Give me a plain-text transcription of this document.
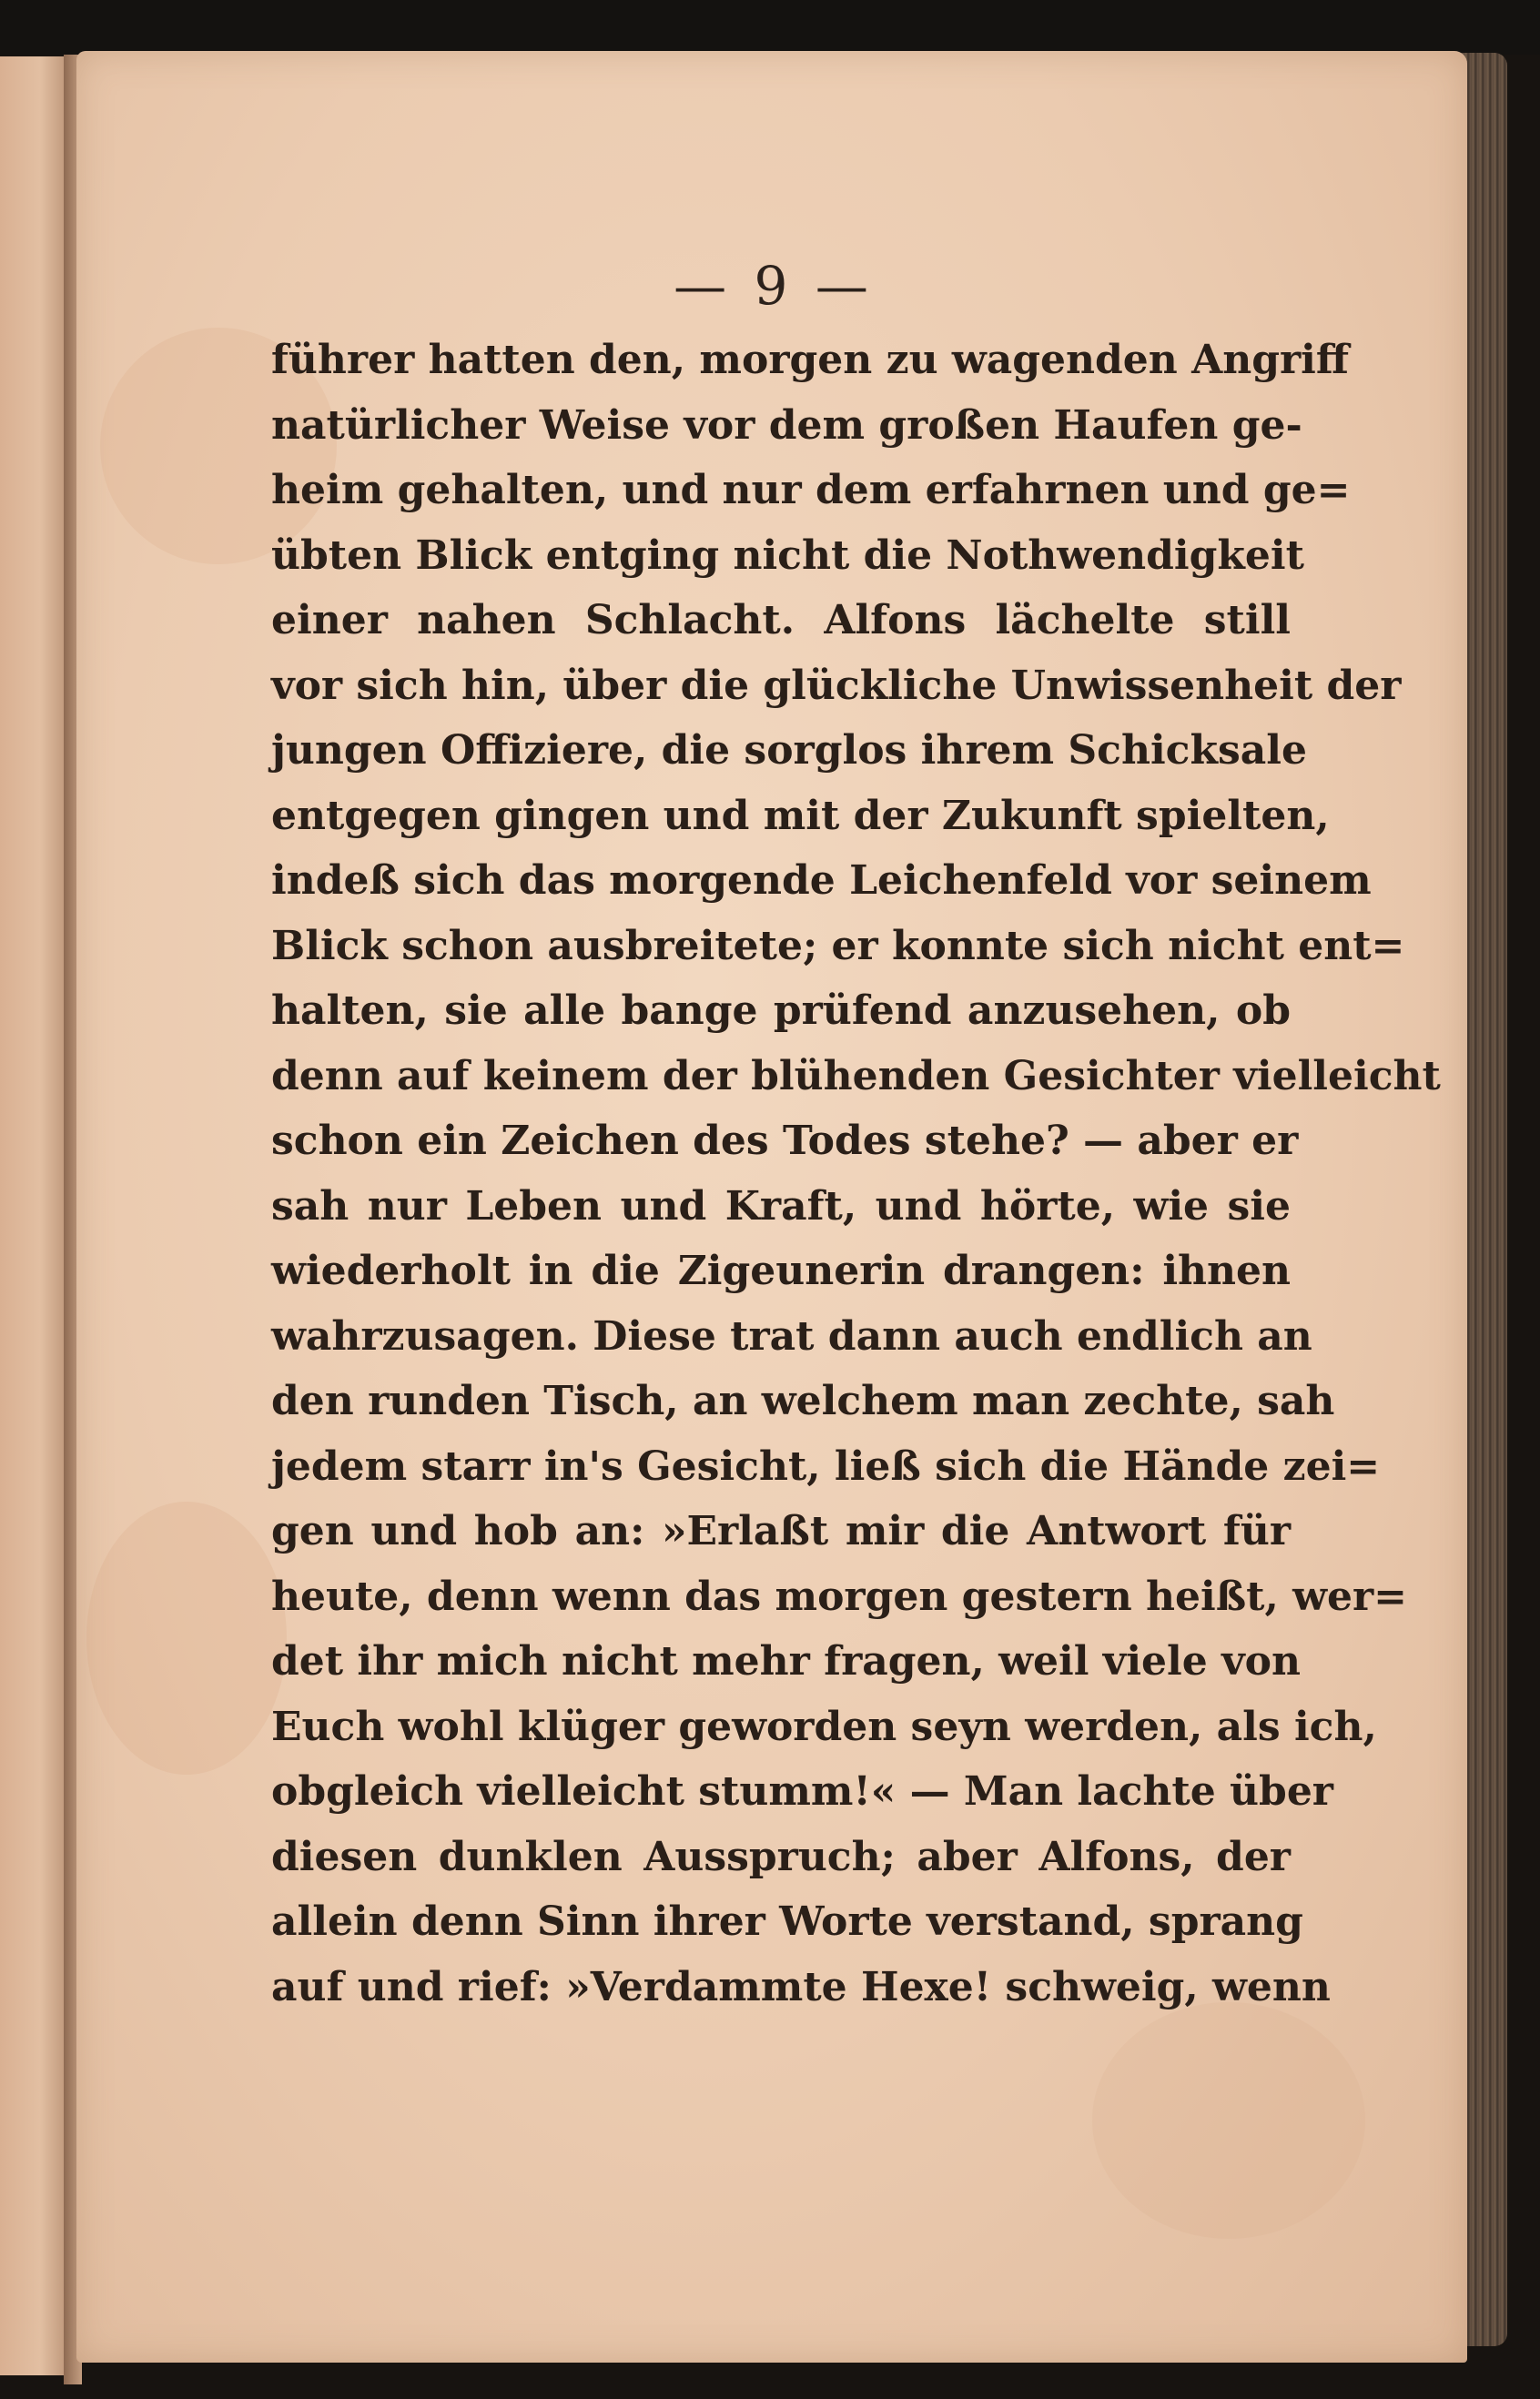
— 9 —
führer hatten den, morgen zu wagenden Angriff
natürlicher Weise vor dem großen Haufen ge-
heim gehalten, und nur dem erfahrnen und ge=
übten Blick entging nicht die Nothwendigkeit
einer nahen Schlacht. Alfons lächelte still
vor sich hin, über die glückliche Unwissenheit der
jungen Offiziere, die sorglos ihrem Schicksale
entgegen gingen und mit der Zukunft spielten,
indeß sich das morgende Leichenfeld vor seinem
Blick schon ausbreitete; er konnte sich nicht ent=
halten, sie alle bange prüfend anzusehen, ob
denn auf keinem der blühenden Gesichter vielleicht
schon ein Zeichen des Todes stehe? — aber er
sah nur Leben und Kraft, und hörte, wie sie
wiederholt in die Zigeunerin drangen: ihnen
wahrzusagen. Diese trat dann auch endlich an
den runden Tisch, an welchem man zechte, sah
jedem starr in's Gesicht, ließ sich die Hände zei=
gen und hob an: »Erlaßt mir die Antwort für
heute, denn wenn das morgen gestern heißt, wer=
det ihr mich nicht mehr fragen, weil viele von
Euch wohl klüger geworden seyn werden, als ich,
obgleich vielleicht stumm!« — Man lachte über
diesen dunklen Ausspruch; aber Alfons, der
allein denn Sinn ihrer Worte verstand, sprang
auf und rief: »Verdammte Hexe! schweig, wenn
